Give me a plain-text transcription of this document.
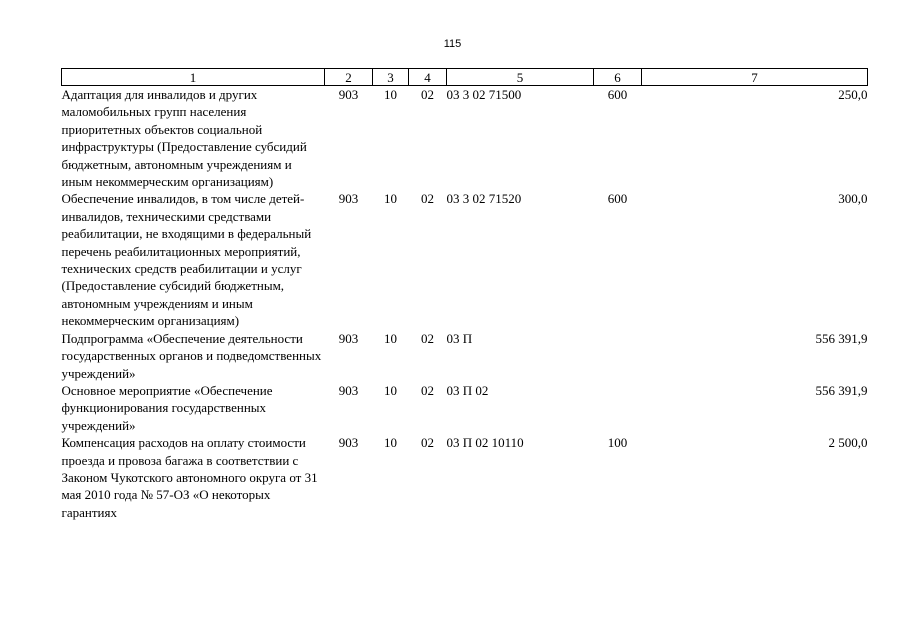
115
1	2	3	4	5	6	7
Адаптация для инвалидов и других маломобильных групп населения приоритетных объектов социальной инфраструктуры (Предоставление субсидий бюджетным, автономным учреждениям и иным некоммерческим организациям)	903	10	02	03 3 02 71500	600	250,0
Обеспечение инвалидов, в том числе детей-инвалидов, техническими средствами реабилитации, не входящими в федеральный перечень реабилитационных мероприятий, технических средств реабилитации и услуг (Предоставление субсидий бюджетным, автономным учреждениям и иным некоммерческим организациям)	903	10	02	03 3 02 71520	600	300,0
Подпрограмма «Обеспечение деятельности государственных органов и подведомственных учреждений»	903	10	02	03 П		556 391,9
Основное мероприятие «Обеспечение функционирования государственных учреждений»	903	10	02	03 П 02		556 391,9
Компенсация расходов на оплату стоимости проезда и провоза багажа в соответствии с Законом Чукотского автономного округа от 31 мая 2010 года № 57-ОЗ «О некоторых гарантиях	903	10	02	03 П 02 10110	100	2 500,0
